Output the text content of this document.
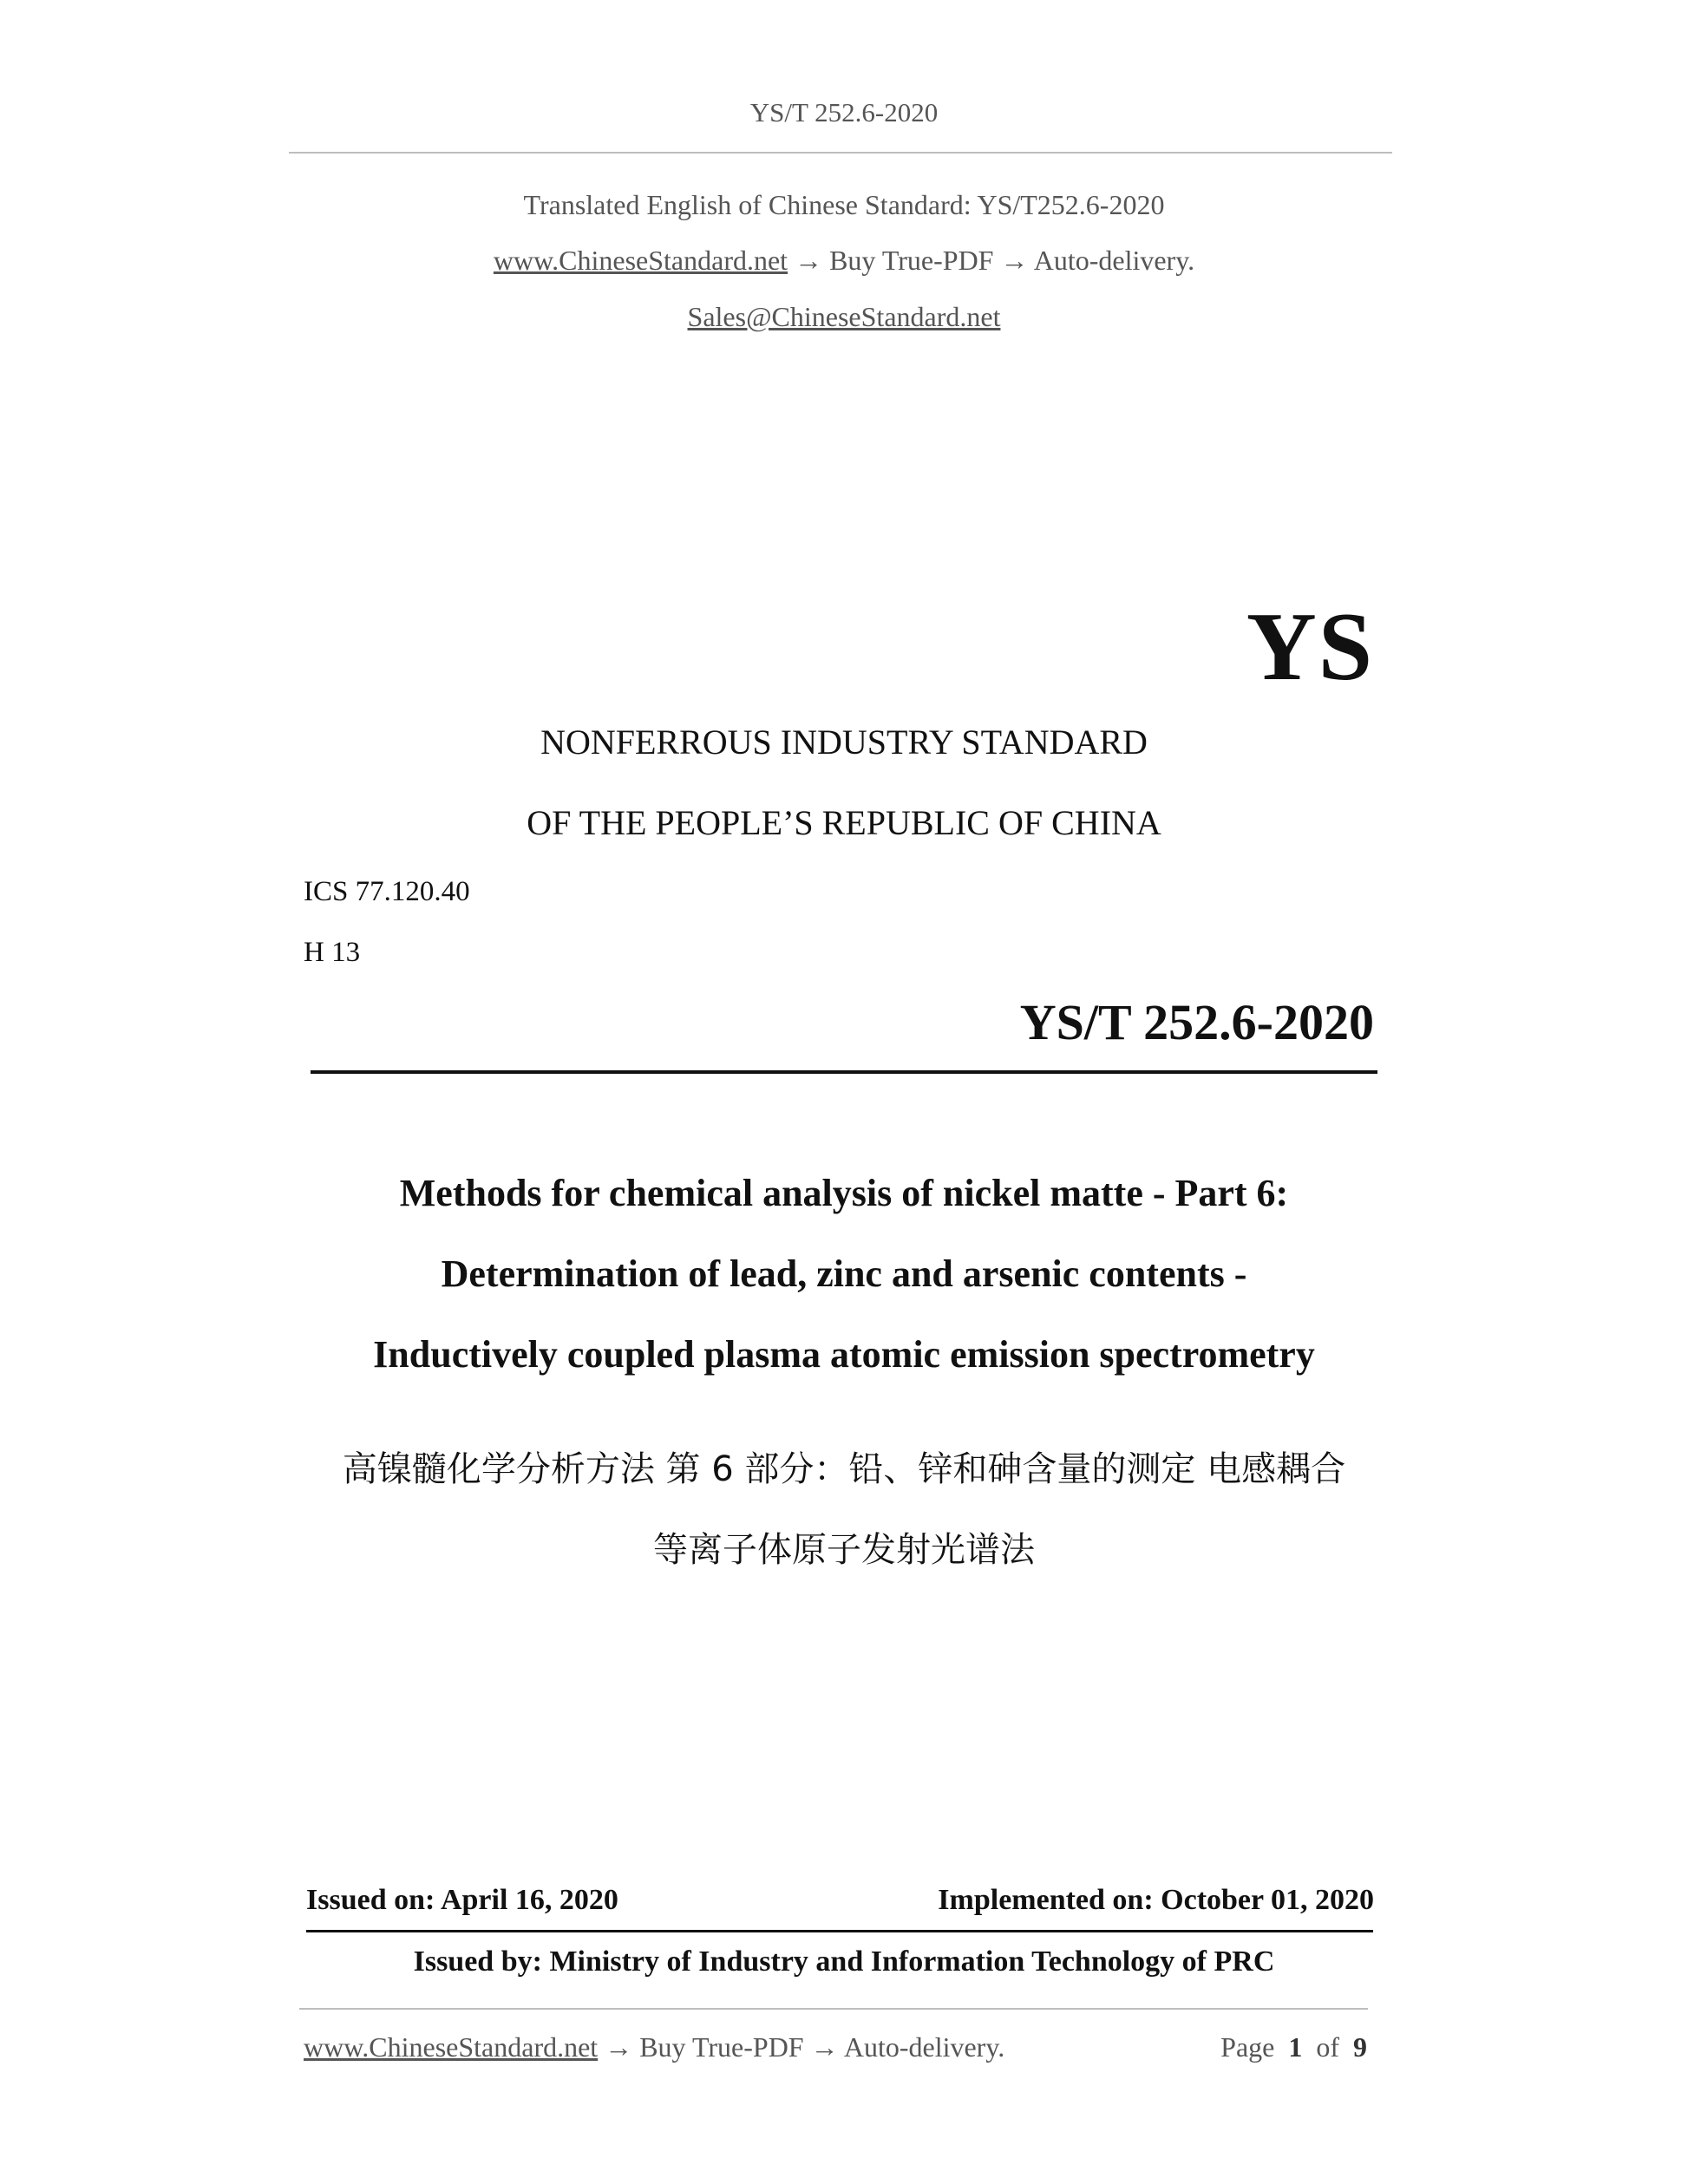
YS/T 252.6-2020
Translated English of Chinese Standard: YS/T252.6-2020
www.ChineseStandard.net → Buy True-PDF → Auto-delivery.
Sales@ChineseStandard.net
YS
NONFERROUS INDUSTRY STANDARD
OF THE PEOPLE’S REPUBLIC OF CHINA
ICS 77.120.40
H 13
YS/T 252.6-2020
Methods for chemical analysis of nickel matte - Part 6:
Determination of lead, zinc and arsenic contents -
Inductively coupled plasma atomic emission spectrometry
高镍髓化学分析方法 第 6 部分：铅、锌和砷含量的测定 电感耦合
等离子体原子发射光谱法
Issued on: April 16, 2020	Implemented on: October 01, 2020
Issued by: Ministry of Industry and Information Technology of PRC
www.ChineseStandard.net → Buy True-PDF → Auto-delivery.	Page 1 of 9
